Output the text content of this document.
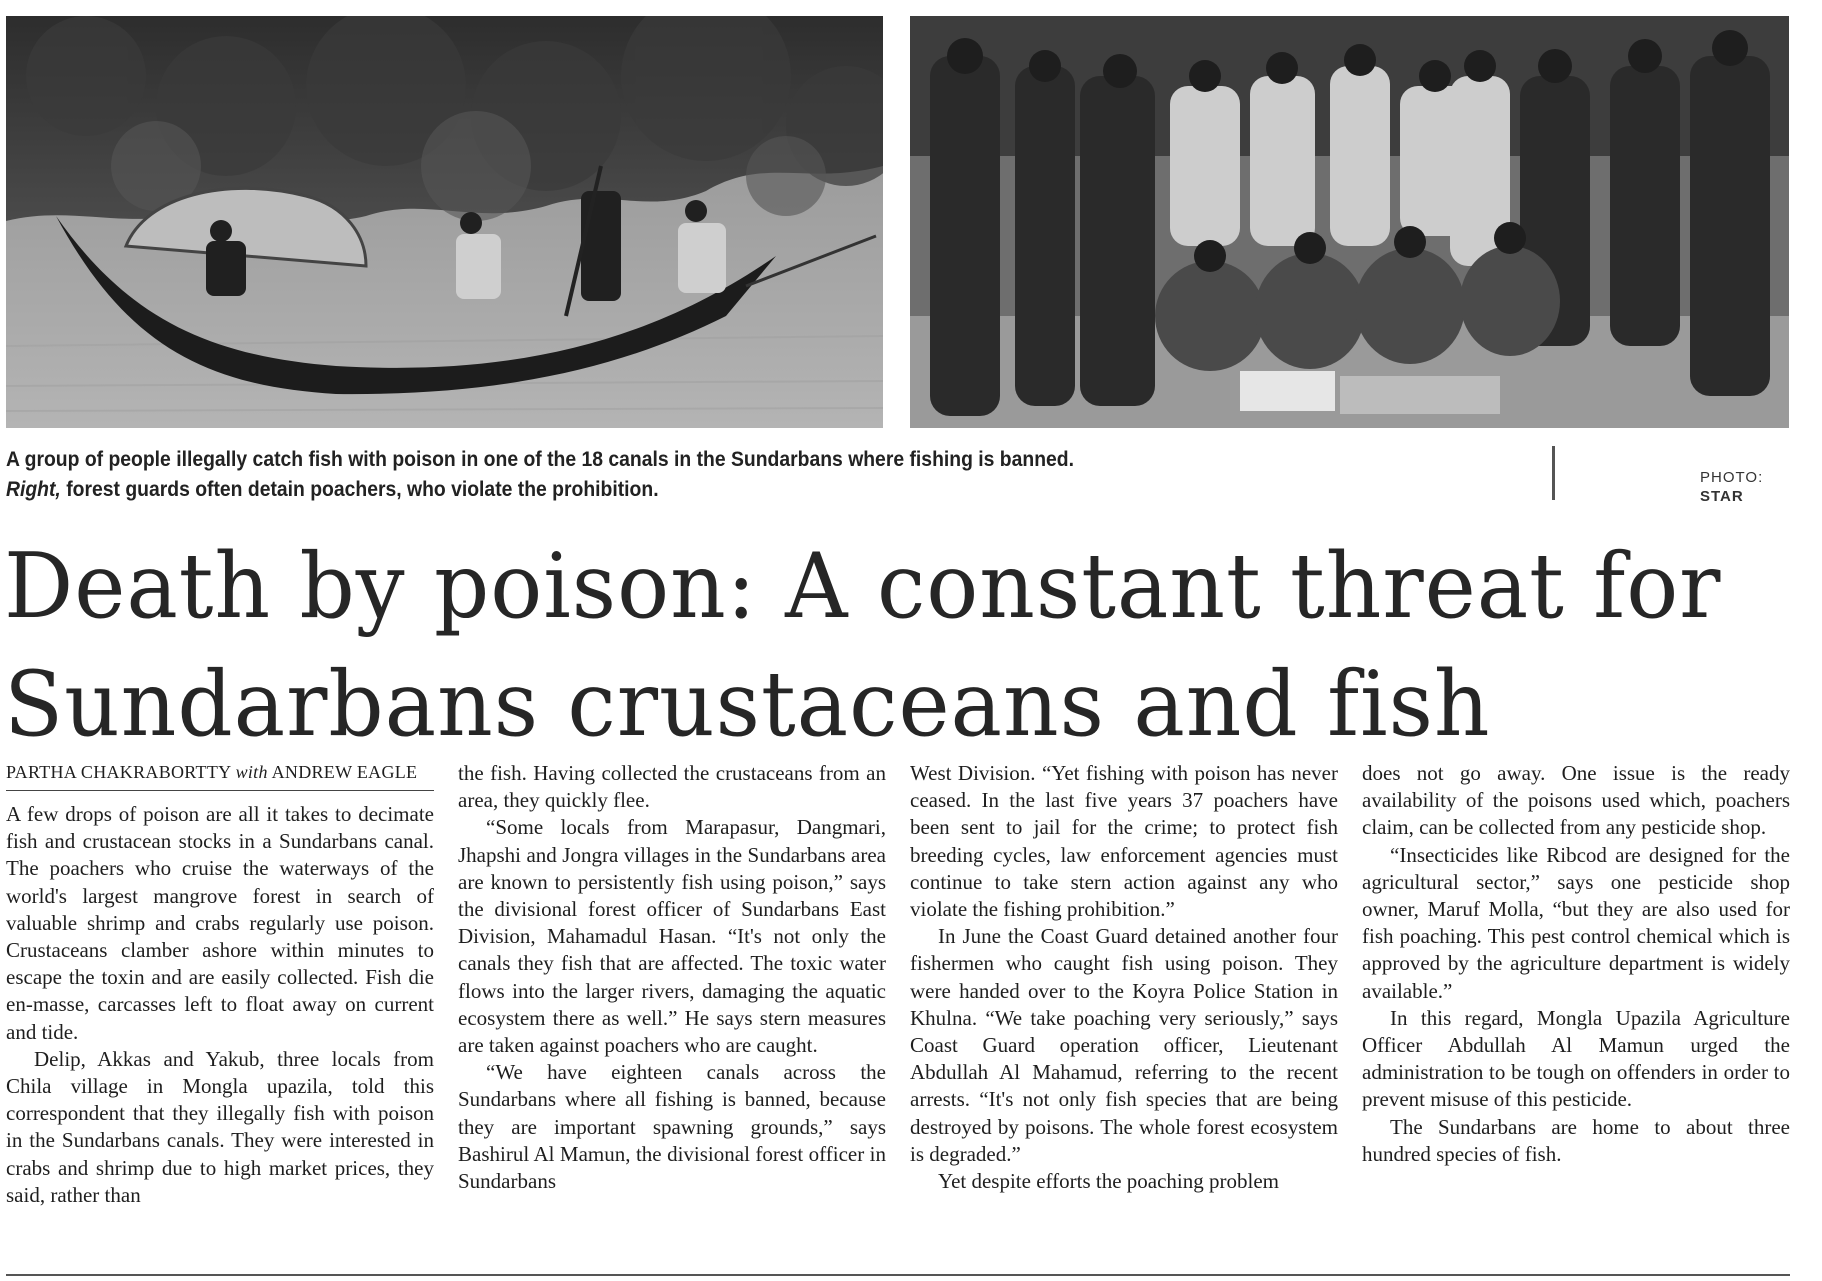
A group of people illegally catch fish with poison in one of the 18 canals in the Sundarbans where fishing is banned.
Right, forest guards often detain poachers, who violate the prohibition.	PHOTO:
STAR
Death by poison: A constant threat for
Sundarbans crustaceans and fish
PARTHA CHAKRABORTTY with ANDREW EAGLE

A few drops of poison are all it takes to decimate fish and crustacean stocks in a Sundarbans canal. The poachers who cruise the waterways of the world's largest mangrove forest in search of valuable shrimp and crabs regularly use poison. Crustaceans clamber ashore within minutes to escape the toxin and are easily collected. Fish die en-masse, carcasses left to float away on current and tide.

Delip, Akkas and Yakub, three locals from Chila village in Mongla upazila, told this correspondent that they illegally fish with poison in the Sundarbans canals. They were interested in crabs and shrimp due to high market prices, they said, rather than

the fish. Having collected the crustaceans from an area, they quickly flee.

“Some locals from Marapasur, Dangmari, Jhapshi and Jongra villages in the Sundarbans area are known to persistently fish using poison,” says the divisional forest officer of Sundarbans East Division, Mahamadul Hasan. “It's not only the canals they fish that are affected. The toxic water flows into the larger rivers, damaging the aquatic ecosystem there as well.” He says stern measures are taken against poachers who are caught.

“We have eighteen canals across the Sundarbans where all fishing is banned, because they are important spawning grounds,” says Bashirul Al Mamun, the divisional forest officer in Sundarbans

West Division. “Yet fishing with poison has never ceased. In the last five years 37 poachers have been sent to jail for the crime; to protect fish breeding cycles, law enforcement agencies must continue to take stern action against any who violate the fishing prohibition.”

In June the Coast Guard detained another four fishermen who caught fish using poison. They were handed over to the Koyra Police Station in Khulna. “We take poaching very seriously,” says Coast Guard operation officer, Lieutenant Abdullah Al Mahamud, referring to the recent arrests. “It's not only fish species that are being destroyed by poisons. The whole forest ecosystem is degraded.”

Yet despite efforts the poaching problem

does not go away. One issue is the ready availability of the poisons used which, poachers claim, can be collected from any pesticide shop.

“Insecticides like Ribcod are designed for the agricultural sector,” says one pesticide shop owner, Maruf Molla, “but they are also used for fish poaching. This pest control chemical which is approved by the agriculture department is widely available.”

In this regard, Mongla Upazila Agriculture Officer Abdullah Al Mamun urged the administration to be tough on offenders in order to prevent misuse of this pesticide.

The Sundarbans are home to about three hundred species of fish.
